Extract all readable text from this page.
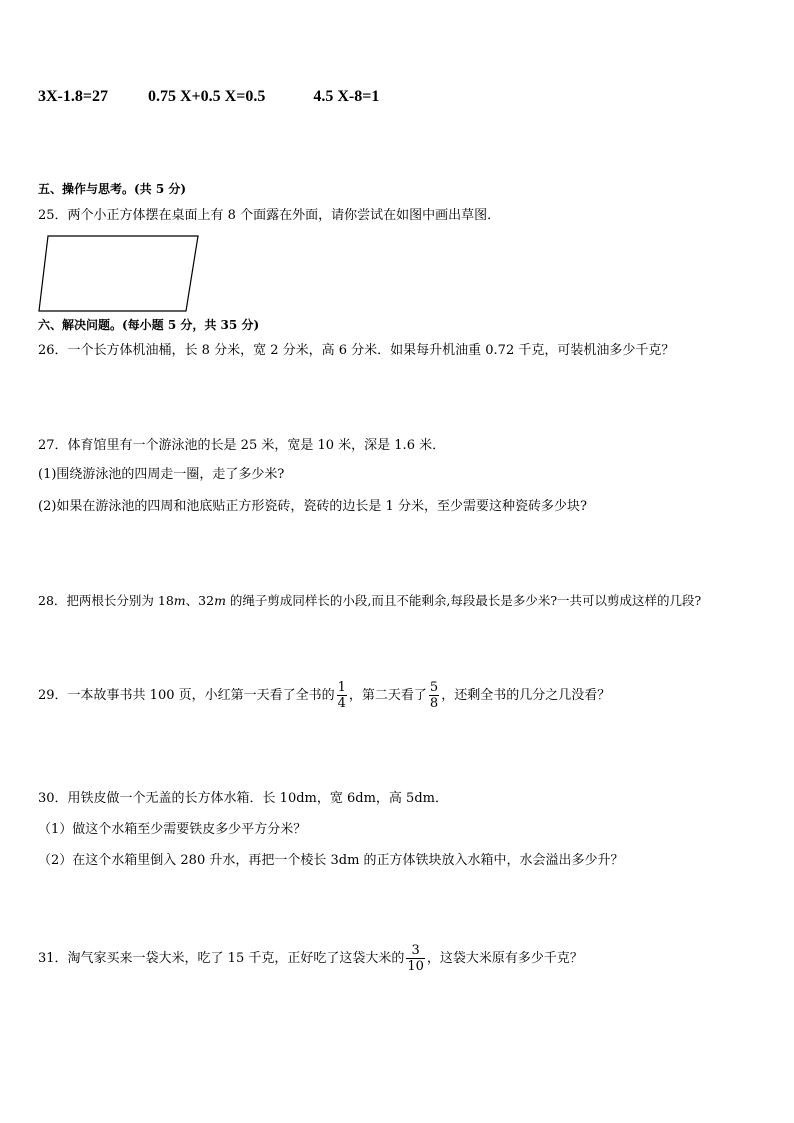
3X-1.8=27	0.75 X+0.5 X=0.5	4.5 X-8=1
五、操作与思考。(共 5 分)
25．两个小正方体摆在桌面上有 8 个面露在外面，请你尝试在如图中画出草图．
六、解决问题。(每小题 5 分，共 35 分)
26．一个长方体机油桶，长 8 分米，宽 2 分米，高 6 分米．如果每升机油重 0.72 千克，可装机油多少千克？
27．体育馆里有一个游泳池的长是 25 米，宽是 10 米，深是 1.6 米．
(1)围绕游泳池的四周走一圈，走了多少米?
(2)如果在游泳池的四周和池底贴正方形瓷砖，瓷砖的边长是 1 分米，至少需要这种瓷砖多少块?
28．把两根长分别为 18m、32m 的绳子剪成同样长的小段,而且不能剩余,每段最长是多少米?一共可以剪成这样的几段?
29．一本故事书共 100 页，小红第一天看了全书的 $\frac{1}{4}$ ，第二天看了 $\frac{5}{8}$ ，还剩全书的几分之几没看？
30．用铁皮做一个无盖的长方体水箱．长 10dm，宽 6dm，高 5dm．
（1）做这个水箱至少需要铁皮多少平方分米？
（2）在这个水箱里倒入 280 升水，再把一个棱长 3dm 的正方体铁块放入水箱中，水会溢出多少升？
31．淘气家买来一袋大米，吃了 15 千克，正好吃了这袋大米的 $\frac{3}{10}$ ，这袋大米原有多少千克？
